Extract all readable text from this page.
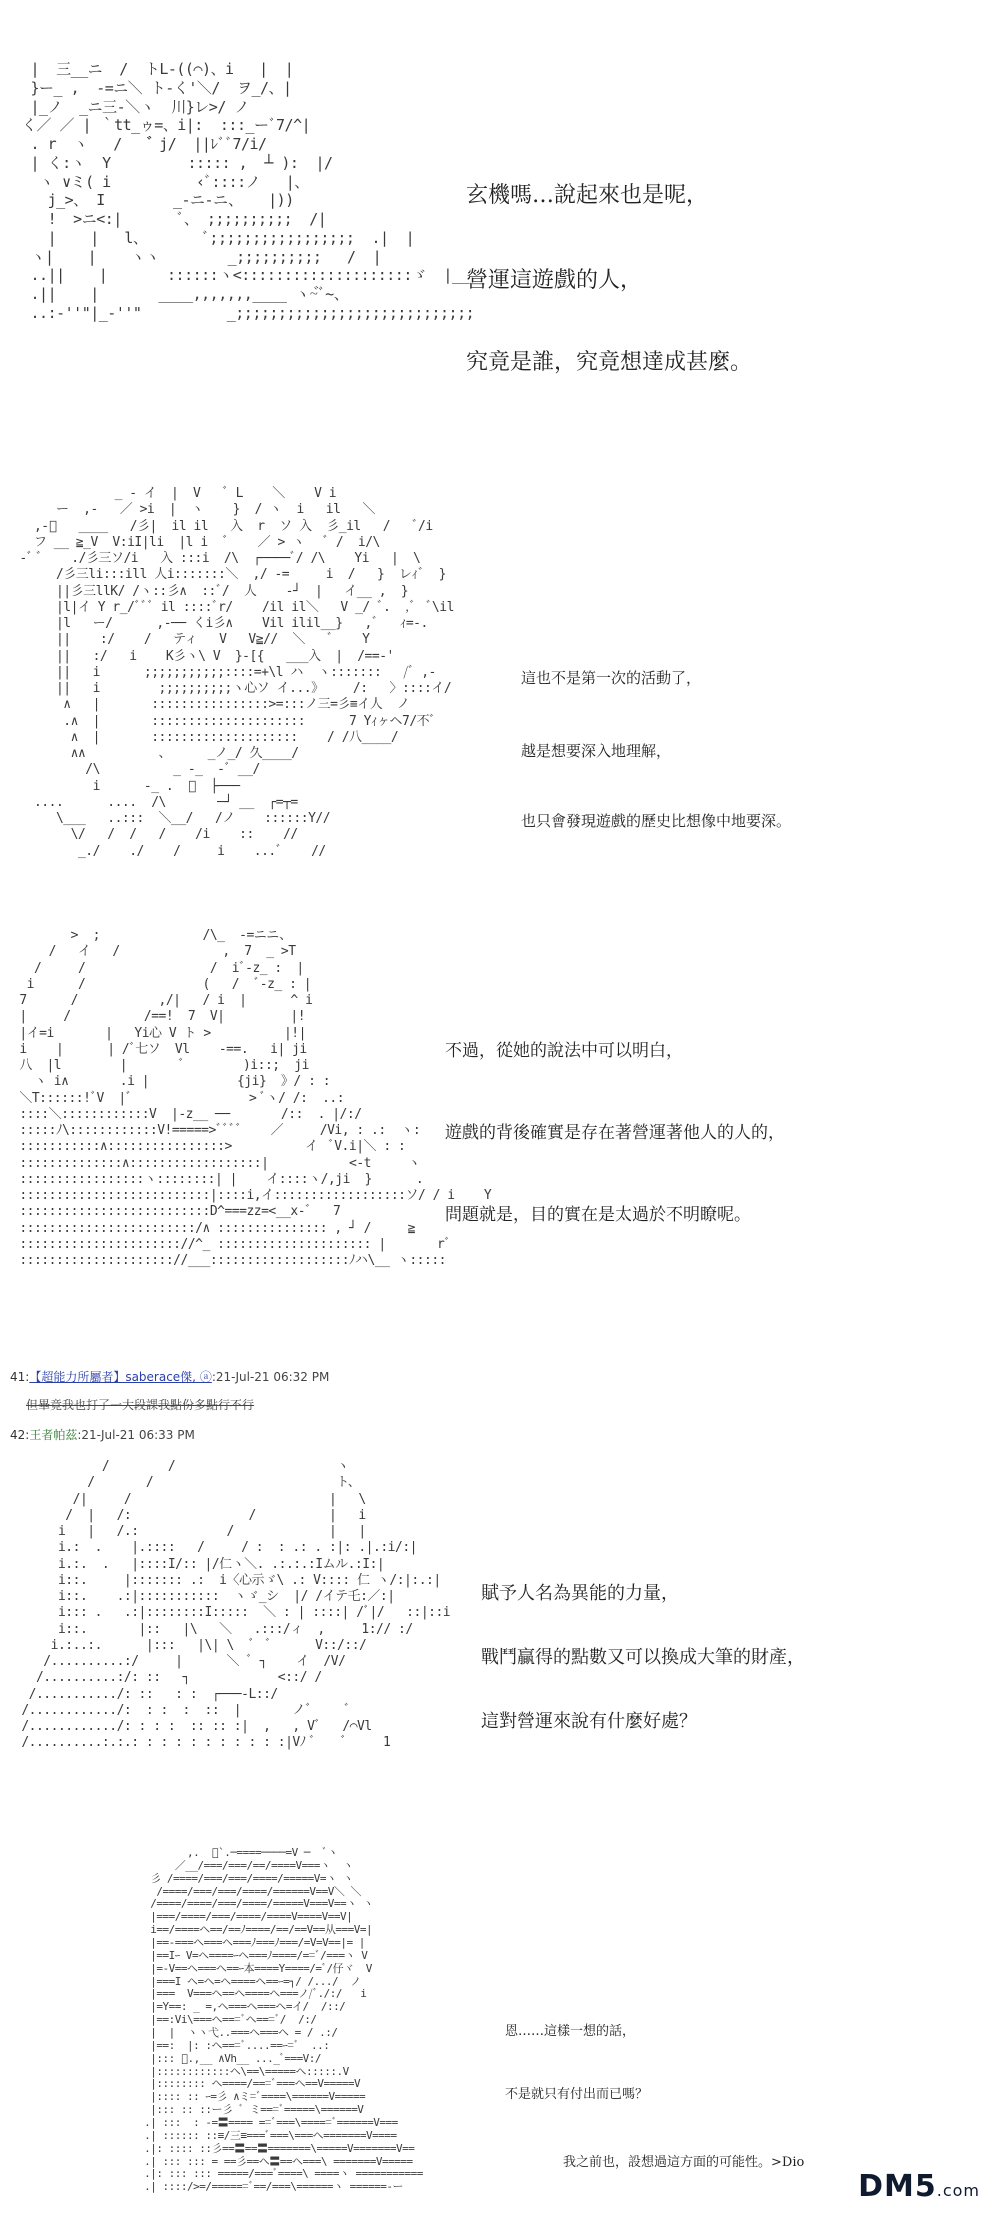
|  三__ニ  /  トL-((⌒)、i   |  |
}ー_ ,  -=ニ＼ ト-く'＼/  ヲ_/、|
|_ノ  _ニ三-＼ヽ  川}レ>/ ノ
く／ ／ | ｀tt_ゥ=、i|:  :::_ーﾞ7/^|
. r  ヽ   /    ゙゙゙゙゙゙゙ j/  ||ﾚﾞﾞ7/i/
| く:ヽ  Y         ::::: ,  ┴ ):  |/
ヽ ∨ミ( i          ‹ﾞ::::ノ   |、
j_>、 I        _-ニ-ニ、   |))
!  >ニ<:|       ﾞ、 ;;;;;;;;;;  /|
|    |   l、       ﾞ;;;;;;;;;;;;;;;;;  .|  |
ヽ|    |    ヽヽ        _;;;;;;;;;;   /  |
..||    |       ::::::ヽ<::::::::::::::::::::ゞ  |__
.||    |       ____,,,,,,,____ ヽ~゙ﾞ~、
..:-''"|_-''"          _;;;;;;;;;;;;;;;;;;;;;;;;;;;;

玄機嗎…說起來也是呢，

營運這遊戲的人，

究竟是誰，究竟想達成甚麼。

_ - イ  |  V   ﾞ L    ＼    V i
ー  ,-   ／ >i  |  ヽ    }  / ヽ  i   il   ＼
,-゙   ____   /彡|  il il   入  r  ソ 入  彡_il   /   ﾞ/i
フ __ ≧_V  V:iI|li  |l i  ﾞ    ／ > ヽ   ﾞ /  i/\
-ﾞ ﾞ    ./彡三ソ/i   入 :::i  /\  ┌────ﾞ/ /\    Yi   |  \
/彡三li:::ill 人i:::::::＼  ,/ -=     i  /   }  レｨﾞ  }
||彡三llK/ /ヽ::彡∧  ::ﾞ/  人    -┘  |   イ__ ,  }
|l|イ Y r_/ﾞﾞﾞ il ::::ﾞr/    /il il＼   V _/ ﾞ.  ,ﾞ  ﾞ\il
|l   ー/      ,-── くi彡∧    Vil ilil__}   ,ﾞ   ｨ=-.
||    :/    /   ティ   V   V≧//  ＼   ﾞ    Y
||   :/   i    K彡ヽ\ V  }-[{   ___入  |  /==-'
||   i      ;;;;;;;;;;;::::=+\l ハ  ヽ:::::::   /ﾞ ,-
||   i        ;;;;;;;;;;ヽ心ソ イ...》    /:   〉::::イ/
∧   |       ::::::::::::::::>=:::ノ三=彡≡イ人  ノ
.∧  |       :::::::::::::::::::::      7 Yｨヶヘ7/不ﾞ
∧  |       ::::::::::::::::::::    / /八____/
∧∧          、     _ノ_/ 久____/
/\          _ -_  -ﾞ __/
i      -_ .  ゙  ├───
....      ....  /\       ─┘ __  ┌=┬=
\___   ..:::  ＼__/   /ノ    ::::::Y//
\/   /  /   /    /i    ::    //
_./    ./    /     i    ...ﾞ    //

這也不是第一次的活動了，

越是想要深入地理解，

也只會發現遊戲的歷史比想像中地要深。

>  ;              /\_  -=ニニ、
/   イ   /              ,  7  _ >T
/     /                 /  iﾞ-z_ :  |
i      /                (   /  ﾞ-z_ : |
7      /           ,/|   / i  |      ^ i
|     /          /==!  7  V|         |!
|イ=i       |   Yi心 V ト >          |!|
i    |      | /ﾞ七ソ  Vl    -==.   i| ji
八  |l        |       ﾞ        )i::;  ji
ヽ i∧       .i |            {ji}  》/ : :
＼T::::::!ﾞV  |ﾞ                > ﾞヽ/ /:  ..:
::::＼::::::::::::V  |-z__ ──       /::  . |/:/
:::::ﾉ\::::::::::::V!=====>ﾞﾞﾞﾞ    ／     /Vi, : .:  ヽ:
:::::::::::∧::::::::::::::::>          イ  ﾞV.i|＼ : :
::::::::::::::∧::::::::::::::::::|           <-t     ヽ
:::::::::::::::::ヽ::::::::| |    イ::::ヽ/,ji  }      .
::::::::::::::::::::::::::|::::i,イ::::::::::::::::::ソ/ / i    Y
::::::::::::::::::::::::::D^===zz=<__x-ﾞ   7
::::::::::::::::::::::::/∧ ::::::::::::::: , ┘ /     ≧
:::::::::::::::::::::://^_ ::::::::::::::::::::: |       rﾞ
::::::::::::::::::::://___:::::::::::::::::::ﾉハ\__ ヽ:::::

不過，從她的說法中可以明白，

遊戲的背後確實是存在著營運著他人的人的，

問題就是，目的實在是太過於不明瞭呢。

41:【超能力所屬者】saberace傑, ⓐ:21-Jul-21 06:32 PM
但畢竟我也打了一大段課我點份多點行不行
42:王者帕茲:21-Jul-21 06:33 PM
/        /                      ヽ
/       /                         ト、
/|     /                           |   \
/  |   /:                /          |   i
i   |   /.:            /             |   |
i.:  .    |.::::   /     / :  : .: . :|: .|.:i/:|
i.:.  .   |::::I/:: |/仁ヽ＼. .:.:.:Iムル.:I:|
i::.     |::::::: .:  i〈心示ゞ\ .: V:::: 仁 ヽ/:|:.:|
i::.    .:|:::::::::::  ヽゞ_シ  |/ /イテ乇:／:|
i::: .   .:|::::::::I:::::  ＼ : | ::::| /ﾞ|/   ::|::i
i::.       |::   |\   ＼   .:::/ィ  ,     1:// :/
i.:..:.      |:::   |\| \  ﾞ  ﾞ      V::/::/
/..........:/     |      ＼ ﾞ ┐    イ  /V/
/..........:/: ::   ┐            <::/ /
/.........../: ::   : :  ┌───-L::/
/............/:  : :  :  ::  |       ノﾞ     ﾞ
/............/: : : :  :: :: :|  ,   , Vﾞ   /⌒Vl
/..........:.:.: : : : : : : : : : :|Vﾉ ﾞ    ﾞ     1

賦予人名為異能的力量，

戰鬥贏得的點數又可以換成大筆的財產，

這對營運來說有什麼好處？

,.  ﾞ`.─====────=V ─  ﾞヽ
／__/===/===/==/====V===ヽ  ヽ
彡 /====/===/===/====/=====V=ヽ ヽ
/====/===/===/====/======V==V＼ ＼
/====/====/===/====/=====V===V==ヽ ヽ
|===/====/===/====/====V====V==V|
i==/====ヘ==/==ﾉ====/==/==V==从===V=|
|==-===ヘ===ヘ===ﾉ===ﾉ===/=V=V==|= |
|==Iｰ V=ヘ====ｰヘ===ﾉ====/==ﾞ/===ヽ V
|=-V==ヘ===ヘ==ｰ本====Y====/=ﾞ/仔ヾ  V
|===I ヘ=ヘ=ヘ====ヘ==ｰ=┐/ /.../  ノ
|===  V===ヘ==ヘ====ヘ===ノ/ﾞ./:/   i
|=Y==: _ =,ヘ===ヘ===ヘ=イ/  /::/
|==:Vi\===ヘ===ﾞヘ===ﾞ/  /:/
|  |  ヽヽ弋..===ヘ===ヘ = / .:/
|==:  |: :ヘ===ﾞ....==ｰ=ﾞ  ..:
|::: ﾞ.,__ ∧Vh__ ..._ﾞ===V:/
|::::::::::::ヘ\==\=====ヘ:::::.V
|:::::::: ヘ====/===ﾞ===ヘ==V=====V
|:::: :: ｰ=彡 ∧ミ=ﾞ====\======V=====
|::: :: ::ー彡 ﾞ ミ===ﾞ=====\======V
.| :::  : -=〓==== ==ﾞ===\=====ﾞ======V===
.| :::::: ::≡/三≡===ﾞ===\===ヘ=======V====
.|: :::: ::彡==〓==〓=======\=====V=======V==
.| ::: ::: = ==彡==ヘ〓==ヘ===\ =======V=====
.|: ::: ::: =====/===ﾞ====\ ====ヽ ===========
.| ::::/>=/======ﾞ==/===\======ヽ ======-ー

恩……這樣一想的話，

不是就只有付出而已嗎？

我之前也，設想過這方面的可能性。>Dio

DM5.com
